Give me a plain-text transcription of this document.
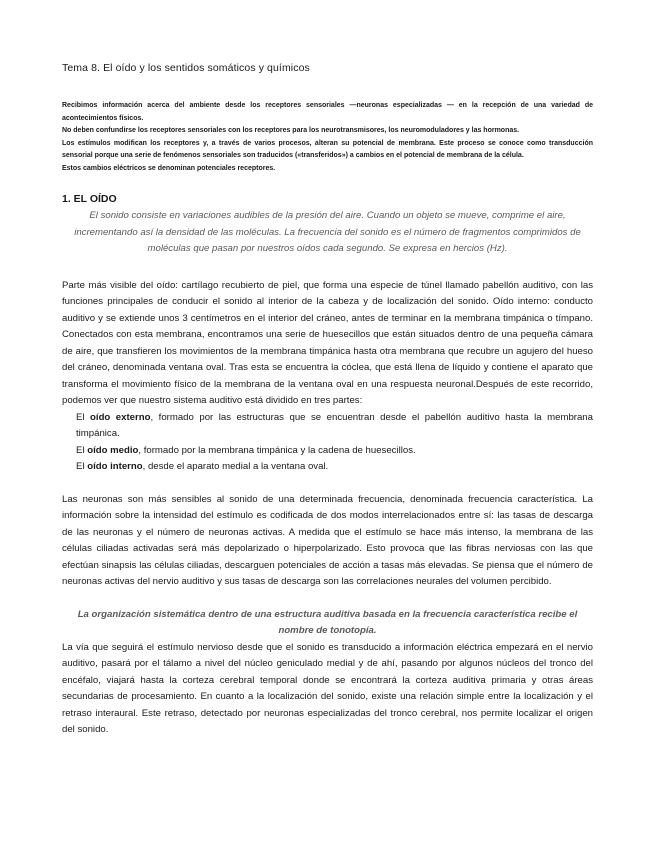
Tema 8. El oído y los sentidos somáticos y químicos

Recibimos información acerca del ambiente desde los receptores sensoriales —neuronas especializadas — en la recepción de una variedad de acontecimientos físicos.

No deben confundirse los receptores sensoriales con los receptores para los neurotransmisores, los neuromoduladores y las hormonas.

Los estímulos modifican los receptores y, a través de varios procesos, alteran su potencial de membrana. Este proceso se conoce como transducción sensorial porque una serie de fenómenos sensoriales son traducidos («transferidos») a cambios en el potencial de membrana de la célula.

Estos cambios eléctricos se denominan potenciales receptores.

1. EL OÍDO

El sonido consiste en variaciones audibles de la presión del aire. Cuando un objeto se mueve, comprime el aire, incrementando así la densidad de las moléculas. La frecuencia del sonido es el número de fragmentos comprimidos de moléculas que pasan por nuestros oídos cada segundo. Se expresa en hercios (Hz).

Parte más visible del oído: cartílago recubierto de piel, que forma una especie de túnel llamado pabellón auditivo, con las funciones principales de conducir el sonido al interior de la cabeza y de localización del sonido. Oído interno: conducto auditivo y se extiende unos 3 centímetros en el interior del cráneo, antes de terminar en la membrana timpánica o tímpano. Conectados con esta membrana, encontramos una serie de huesecillos que están situados dentro de una pequeña cámara de aire, que transfieren los movimientos de la membrana timpánica hasta otra membrana que recubre un agujero del hueso del cráneo, denominada ventana oval. Tras esta se encuentra la cóclea, que está llena de líquido y contiene el aparato que transforma el movimiento físico de la membrana de la ventana oval en una respuesta neuronal.Después de este recorrido, podemos ver que nuestro sistema auditivo está dividido en tres partes:

El oído externo, formado por las estructuras que se encuentran desde el pabellón auditivo hasta la membrana timpánica.
El oído medio, formado por la membrana timpánica y la cadena de huesecillos.
El oído interno, desde el aparato medial a la ventana oval.

Las neuronas son más sensibles al sonido de una determinada frecuencia, denominada frecuencia característica. La información sobre la intensidad del estímulo es codificada de dos modos interrelacionados entre sí: las tasas de descarga de las neuronas y el número de neuronas activas. A medida que el estímulo se hace más intenso, la membrana de las células ciliadas activadas será más depolarizado o hiperpolarizado. Esto provoca que las fibras nerviosas con las que efectúan sinapsis las células ciliadas, descarguen potenciales de acción a tasas más elevadas. Se piensa que el número de neuronas activas del nervio auditivo y sus tasas de descarga son las correlaciones neurales del volumen percibido.

La organización sistemática dentro de una estructura auditiva basada en la frecuencia característica recibe el nombre de tonotopía.

La vía que seguirá el estímulo nervioso desde que el sonido es transducido a información eléctrica empezará en el nervio auditivo, pasará por el tálamo a nivel del núcleo geniculado medial y de ahí, pasando por algunos núcleos del tronco del encéfalo, viajará hasta la corteza cerebral temporal donde se encontrará la corteza auditiva primaria y otras áreas secundarias de procesamiento. En cuanto a la localización del sonido, existe una relación simple entre la localización y el retraso interaural. Este retraso, detectado por neuronas especializadas del tronco cerebral, nos permite localizar el origen del sonido.
